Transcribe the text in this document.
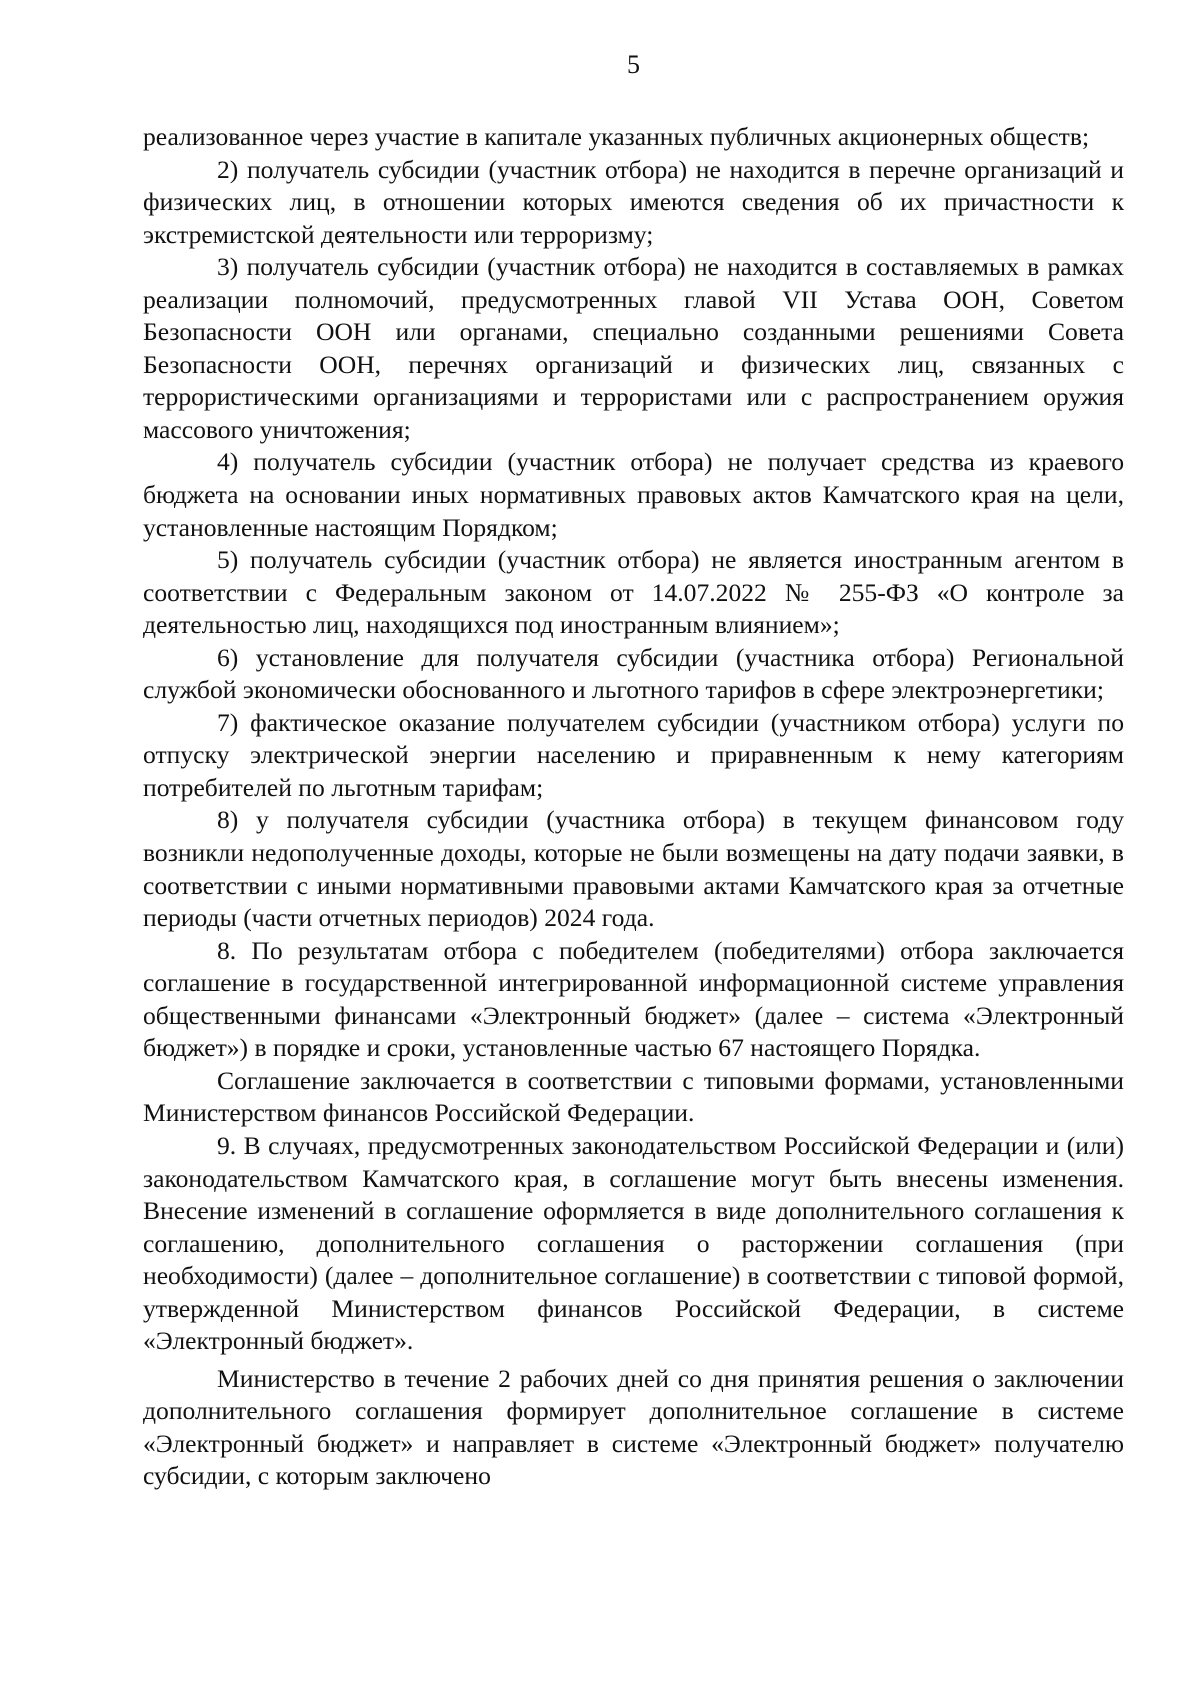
5

реализованное через участие в капитале указанных публичных акционерных обществ;

2) получатель субсидии (участник отбора) не находится в перечне организаций и физических лиц, в отношении которых имеются сведения об их причастности к экстремистской деятельности или терроризму;

3) получатель субсидии (участник отбора) не находится в составляемых в рамках реализации полномочий, предусмотренных главой VII Устава ООН, Советом Безопасности ООН или органами, специально созданными решениями Совета Безопасности ООН, перечнях организаций и физических лиц, связанных с террористическими организациями и террористами или с распространением оружия массового уничтожения;

4) получатель субсидии (участник отбора) не получает средства из краевого бюджета на основании иных нормативных правовых актов Камчатского края на цели, установленные настоящим Порядком;

5) получатель субсидии (участник отбора) не является иностранным агентом в соответствии с Федеральным законом от 14.07.2022 № 255-ФЗ «О контроле за деятельностью лиц, находящихся под иностранным влиянием»;

6) установление для получателя субсидии (участника отбора) Региональной службой экономически обоснованного и льготного тарифов в сфере электроэнергетики;

7) фактическое оказание получателем субсидии (участником отбора) услуги по отпуску электрической энергии населению и приравненным к нему категориям потребителей по льготным тарифам;

8) у получателя субсидии (участника отбора) в текущем финансовом году возникли недополученные доходы, которые не были возмещены на дату подачи заявки, в соответствии с иными нормативными правовыми актами Камчатского края за отчетные периоды (части отчетных периодов) 2024 года.

8. По результатам отбора с победителем (победителями) отбора заключается соглашение в государственной интегрированной информационной системе управления общественными финансами «Электронный бюджет» (далее – система «Электронный бюджет») в порядке и сроки, установленные частью 67 настоящего Порядка.

Соглашение заключается в соответствии с типовыми формами, установленными Министерством финансов Российской Федерации.

9. В случаях, предусмотренных законодательством Российской Федерации и (или) законодательством Камчатского края, в соглашение могут быть внесены изменения. Внесение изменений в соглашение оформляется в виде дополнительного соглашения к соглашению, дополнительного соглашения о расторжении соглашения (при необходимости) (далее – дополнительное соглашение) в соответствии с типовой формой, утвержденной Министерством финансов Российской Федерации, в системе «Электронный бюджет».

Министерство в течение 2 рабочих дней со дня принятия решения о заключении дополнительного соглашения формирует дополнительное соглашение в системе «Электронный бюджет» и направляет в системе «Электронный бюджет» получателю субсидии, с которым заключено
